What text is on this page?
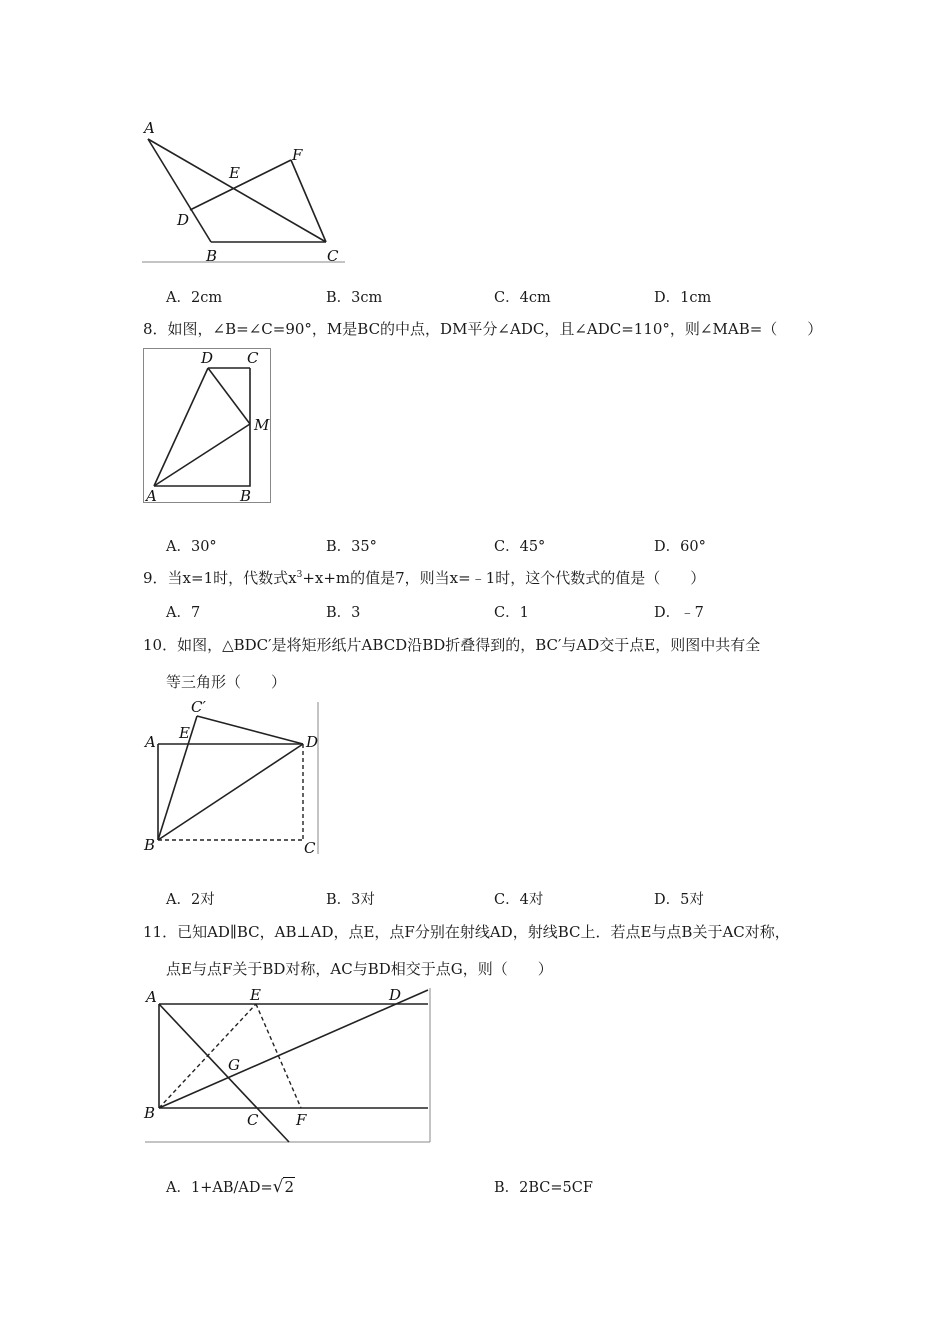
A
E
F
D
B	C
A．2cm	B．3cm	C．4cm	D．1cm
8．如图，∠B=∠C=90°，M是BC的中点，DM平分∠ADC，且∠ADC=110°，则∠MAB=（　　）
D C
M
A	B
A．30°	B．35°	C．45°	D．60°
9．当x=1时，代数式$x^3+x+m$的值是7，则当x=﹣1时，这个代数式的值是（　　）
A．7	B．3	C．1	D．﹣7
10．如图，△BDC′是将矩形纸片ABCD沿BD折叠得到的，BC′与AD交于点E，则图中共有全
等三角形（　　）
C′
A E	D
B	C
A．2对	B．3对	C．4对	D．5对
11．已知AD∥BC，AB⊥AD，点E，点F分别在射线AD，射线BC上．若点E与点B关于AC对称，
点E与点F关于BD对称，AC与BD相交于点G，则（　　）
A	E	D
G
B	C	F
A．1+AB/AD=√2	B．2BC=5CF
